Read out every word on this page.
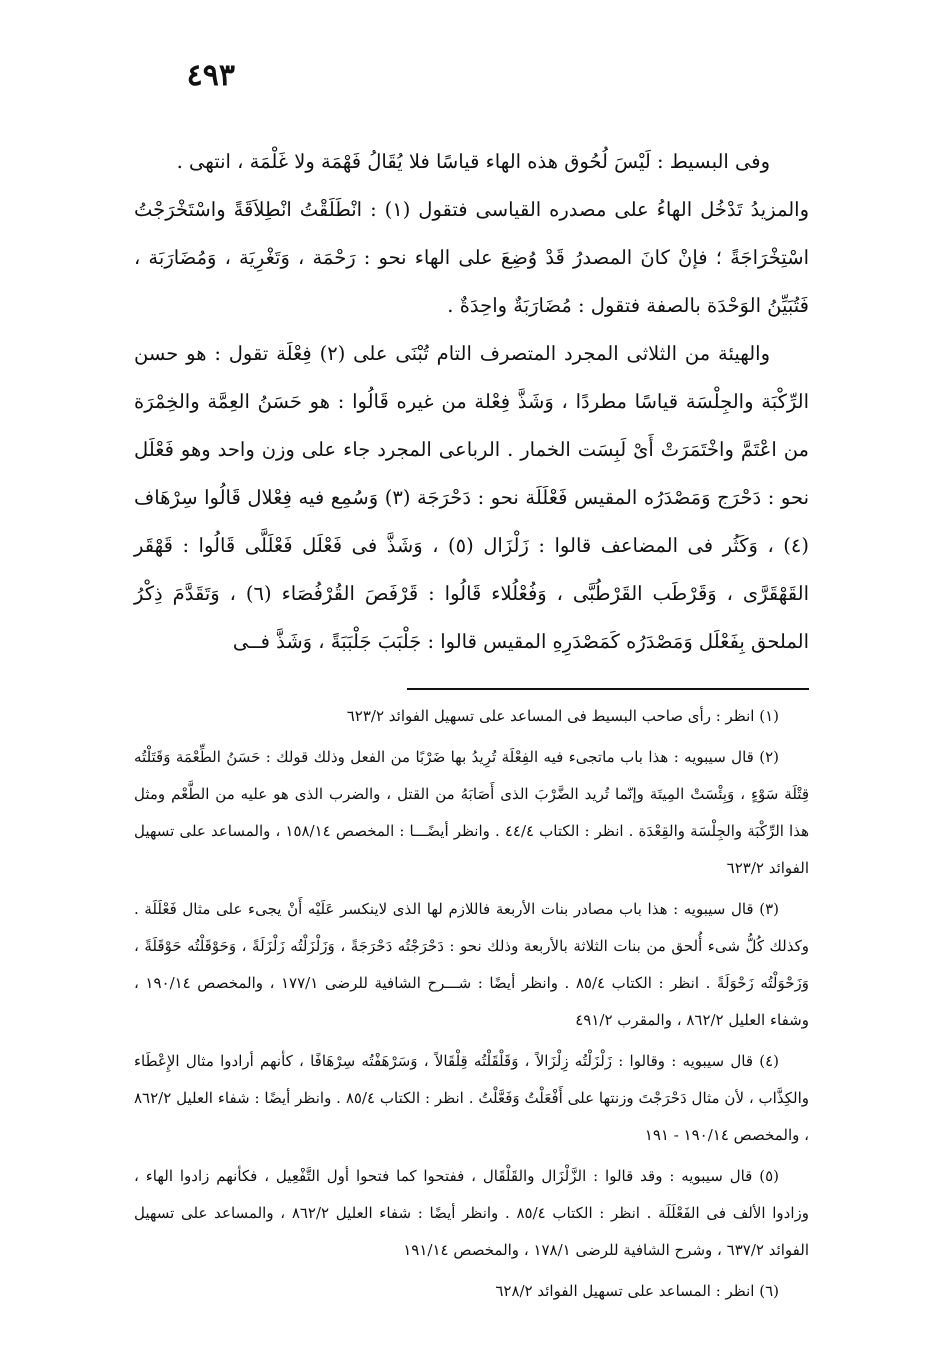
٤٩٣

وفى البسيط : لَيْسَ لُحُوق هذه الهاء قياسًا فلا يُقَالُ فَهْمَة ولا غَلْمَة ، انتهى .

والمزيدُ تَدْخُل الهاءُ على مصدره القياسى فتقول (١) : انْطَلَقْتُ انْطِلاَقَةً واسْتَخْرَجْتُ اسْتِخْرَاجَةً ؛ فإنْ كانَ المصدرُ قَدْ وُضِعَ على الهاء نحو : رَحْمَة ، وَتَغْرِيَة ، وَمُضَارَبَة ، فَتُبَيِّنُ الوَحْدَة بالصفة فتقول : مُضَارَبَةٌ واحِدَةٌ .

والهيئة من الثلاثى المجرد المتصرف التام تُبْنَى على (٢) فِعْلَة تقول : هو حسن الرِّكْبَة والجِلْسَة قياسًا مطردًا ، وَشَذَّ فِعْلة من غيره قَالُوا : هو حَسَنُ العِمَّة والخِمْرَة من اعْتَمَّ واخْتَمَرَتْ أَىْ لَبِسَت الخمار . الرباعى المجرد جاء على وزن واحد وهو فَعْلَل نحو : دَحْرَج وَمَصْدَرُه المقيس فَعْلَلَة نحو : دَحْرَجَة (٣) وَسُمِع فيه فِعْلال قَالُوا سِرْهَاف (٤) ، وَكَثُر فى المضاعف قالوا : زَلْزَال (٥) ، وَشَذَّ فى فَعْلَل فَعْلَلَّى قَالُوا : قَهْقَر القَهْقَرَّى ، وَقَرْطَب القَرْطُبَّى ، وَفُعْلُلاء قَالُوا : قَرْفَصَ القُرْفُصَاء (٦) ، وَتَقَدَّمَ ذِكْرُ الملحق بِفَعْلَل وَمَصْدَرُه كَمَصْدَرِهِ المقيس قالوا : جَلْبَبَ جَلْبَبَةً ، وَشَذَّ فــى

(١) انظر : رأى صاحب البسيط فى المساعد على تسهيل الفوائد ٦٢٣/٢

(٢) قال سيبويه : هذا باب ماتجىء فيه الفِعْلَة تُرِيدُ بها ضَرْبًا من الفعل وذلك قولك : حَسَنُ الطِّعْمَة وَقَتَلْتُه قِتْلَة سَوْءٍ ، وَبِئْسَتْ المِيتَة وإنّما تُريد الضَّرْبَ الذى أَصَابَهُ من القتل ، والضرب الذى هو عليه من الطَّعْم ومثل هذا الرِّكْبَة والجِلْسَة والقِعْدَة . انظر : الكتاب ٤٤/٤ . وانظر أيضًـــا : المخصص ١٥٨/١٤ ، والمساعد على تسهيل الفوائد ٦٢٣/٢

(٣) قال سيبويه : هذا باب مصادر بنات الأربعة فاللازم لها الذى لاينكسر عَلَيْه أَنْ يجىء على مثال فَعْلَلَة . وكذلك كُلُّ شىء أُلحق من بنات الثلاثة بالأربعة وذلك نحو : دَحْرَجْتُه دَحْرَجَةً ، وَزَلْزَلْتُه زَلْزَلَةً ، وَحَوْقَلْتُه حَوْقَلَةً ، وَزَحْوَلْتُه زَحْوَلَةً . انظر : الكتاب ٨٥/٤ . وانظر أيضًا : شـــرح الشافية للرضى ١٧٧/١ ، والمخصص ١٩٠/١٤ ، وشفاء العليل ٨٦٢/٢ ، والمقرب ٤٩١/٢

(٤) قال سيبويه : وقالوا : زَلْزَلْتُه زِلْزَالاً ، وَقَلْقَلْتُه قِلْقَالاً ، وَسَرْهَفْتُه سِرْهَافًا ، كأنهم أرادوا مثال الإِعْطَاء والكِذَّاب ، لأن مثال دَحْرَجْتَ وزنتها على أَفْعَلْتُ وَفَعَّلْتُ . انظر : الكتاب ٨٥/٤ . وانظر أيضًا : شفاء العليل ٨٦٢/٢ ، والمخصص ١٩٠/١٤ - ١٩١

(٥) قال سيبويه : وقد قالوا : الزَّلْزَال والقَلْقَال ، ففتحوا كما فتحوا أول التَّفْعِيل ، فكأنهم زادوا الهاء ، وزادوا الألف فى الفَعْلَلَة . انظر : الكتاب ٨٥/٤ . وانظر أيضًا : شفاء العليل ٨٦٢/٢ ، والمساعد على تسهيل الفوائد ٦٣٧/٢ ، وشرح الشافية للرضى ١٧٨/١ ، والمخصص ١٩١/١٤

(٦) انظر : المساعد على تسهيل الفوائد ٦٢٨/٢
